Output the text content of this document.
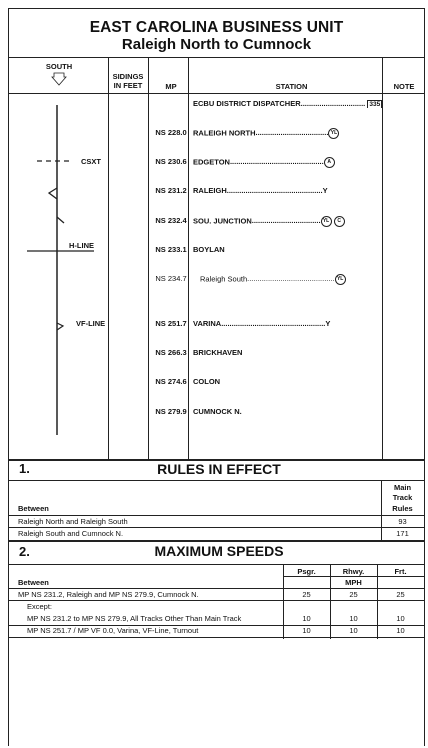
EAST CAROLINA BUSINESS UNIT
Raleigh North to Cumnock
SOUTH
SIDINGS
IN FEET	MP	STATION	NOTE
CSXT
H-LINE
VF-LINE
ECBU DISTRICT DISPATCHER............................... 335
NS 228.0 RALEIGH NORTH................................... YL
NS 230.6 EDGETON............................................. A
NS 231.2 RALEIGH..............................................Y
NS 232.4 SOU. JUNCTION................................. YL C
NS 233.1 BOYLAN
NS 234.7	Raleigh South.......................................... YL
NS 251.7 VARINA..................................................Y
NS 266.3 BRICKHAVEN
NS 274.6 COLON
NS 279.9 CUMNOCK N.
1.	RULES IN EFFECT
Main
Track
Rules
Between
Raleigh North and Raleigh South	93
Raleigh South and Cumnock N.	171
2.	MAXIMUM SPEEDS
Psgr.	Rhwy.	Frt.
MPH
Between
MP NS 231.2, Raleigh and MP NS 279.9, Cumnock N.	25	25	25
Except:
MP NS 231.2 to MP NS 279.9, All Tracks Other Than Main Track	10	10	10
MP NS 251.7 / MP VF 0.0, Varina, VF-Line, Turnout	10	10	10
